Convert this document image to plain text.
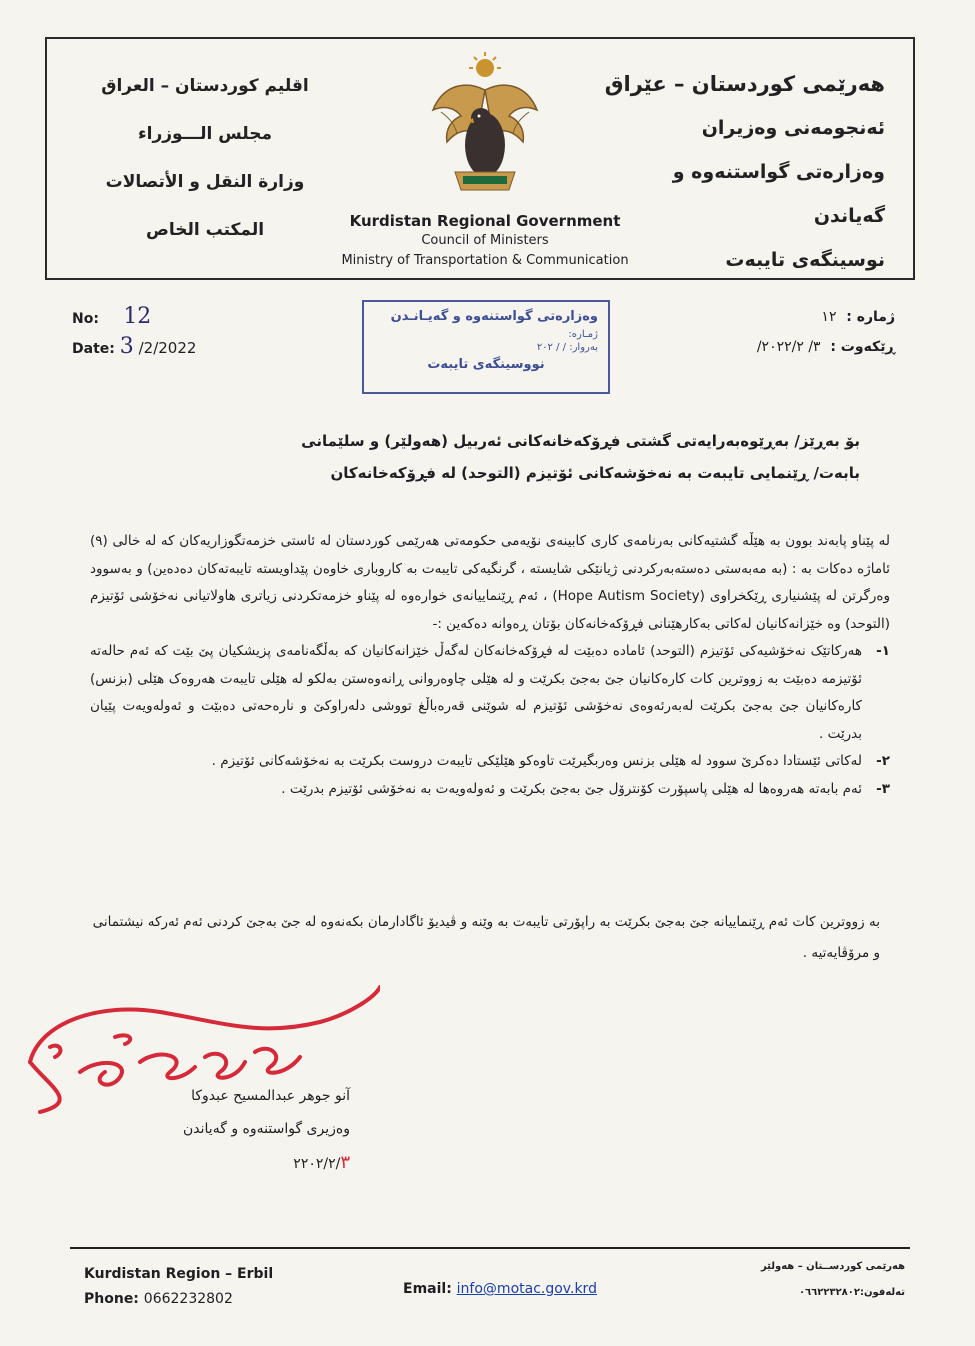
هەرێمی کوردستان – عێراق
ئەنجومەنی وەزیران
وەزارەتی گواستنەوە و گەیاندن
نوسینگەی تایبەت
اقليم كوردستان – العراق
مجلس الـــوزراء
وزارة النقل و الأتصالات
المكتب الخاص	Kurdistan Regional Government
Council of Ministers
Ministry of Transportation & Communication
No: 12
Date: 3 /2/2022
وەزارەتی گواستنەوە و گەیـانـدن
ژمـارە:
بەروار: / / ٢٠٢
نووسینگەی تایبەت
ژمارە :  ١٢
ڕێکەوت :  ٣/ ٢٠٢٢/٢/
بۆ بەڕێز/ بەڕێوەبەرایەتی گشتی فڕۆکەخانەکانی ئەربیل (هەولێر) و سلێمانی
بابەت/ ڕێنمایی تایبەت بە نەخۆشەکانی ئۆتیزم (التوحد) لە فڕۆکەخانەکان

لە پێناو پابەند بوون بە هێڵە گشتیەکانی بەرنامەی کاری کابینەی نۆیەمی حکومەتی هەرێمی کوردستان لە ئاستی خزمەتگوزاریەکان کە لە خالی (٩) ئاماژە دەکات بە : (بە مەبەستی دەستەبەرکردنی ژیانێکی شایستە ، گرنگیەکی تایبەت بە کاروباری خاوەن پێداویستە تایبەتەکان دەدەین) و بەسوود وەرگرتن لە پێشنیاری ڕێکخراوی (Hope Autism Society) ، ئەم ڕێنماییانەی خوارەوە لە پێناو خزمەتکردنی زیاتری هاولاتیانی نەخۆشی ئۆتیزم (التوحد) وە خێزانەکانیان لەکاتی بەکارهێنانی فڕۆکەخانەکان بۆتان ڕەوانە دەکەین :-

١-
هەرکاتێک نەخۆشیەکی ئۆتیزم (التوحد) ئامادە دەبێت لە فڕۆکەخانەکان لەگەڵ خێزانەکانیان کە بەڵگەنامەی پزیشکیان پێ بێت کە ئەم حالەتە ئۆتیزمە دەبێت بە زووترین کات کارەکانیان جێ بەجێ بکرێت و لە هێلی چاوەروانی ڕانەوەستن بەلکو لە هێلی تایبەت هەروەک هێلی (بزنس) کارەکانیان جێ بەجێ بکرێت لەبەرئەوەی نەخۆشی ئۆتیزم لە شوێنی قەرەباڵغ تووشی دلەراوکێ و نارەحەتی دەبێت و ئەولەویەت پێیان بدرێت .
٢-
لەکاتی ئێستادا دەکرێ سوود لە هێلی بزنس وەربگیرێت تاوەکو هێلێکی تایبەت دروست بکرێت بە نەخۆشەکانی ئۆتیزم .
٣-
ئەم بابەتە هەروەها لە هێلی پاسپۆرت کۆنترۆل جێ بەجێ بکرێت و ئەولەویەت بە نەخۆشی ئۆتیزم بدرێت .
بە زووترین کات ئەم ڕێنماییانە جێ بەجێ بکرێت بە راپۆرتی تایبەت بە وێنە و ڤیدیۆ ئاگادارمان بکەنەوە لە جێ بەجێ کردنی ئەم ئەرکە نیشتمانی و مرۆڤایەتیە .
آنو جوهر عبدالمسیح عبدوکا
وەزیری گواستنەوە و گەیاندن
٢٢٠٢/٢/٣
Kurdistan Region – Erbil
Phone: 0662232802
Email: info@motac.gov.krd
هەرێمی کوردســتان – هەولێر
تەلەفون:٠٦٦٢٢٣٢٨٠٢
